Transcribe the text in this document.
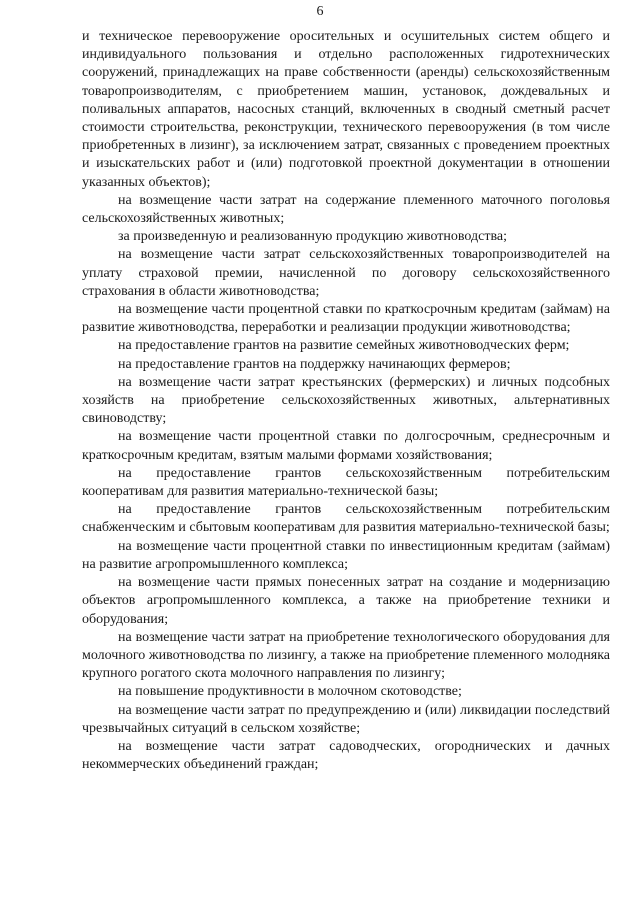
6

и техническое перевооружение оросительных и осушительных систем общего и индивидуального пользования и отдельно расположенных гидротехнических сооружений, принадлежащих на праве собственности (аренды) сельскохозяйственным товаропроизводителям, с приобретением машин, установок, дождевальных и поливальных аппаратов, насосных станций, включенных в сводный сметный расчет стоимости строительства, реконструкции, технического перевооружения (в том числе приобретенных в лизинг), за исключением затрат, связанных с проведением проектных и изыскательских работ и (или) подготовкой проектной документации в отношении указанных объектов);

на возмещение части затрат на содержание племенного маточного поголовья сельскохозяйственных животных;

за произведенную и реализованную продукцию животноводства;

на возмещение части затрат сельскохозяйственных товаропроизводителей на уплату страховой премии, начисленной по договору сельскохозяйственного страхования в области животноводства;

на возмещение части процентной ставки по краткосрочным кредитам (займам) на развитие животноводства, переработки и реализации продукции животноводства;

на предоставление грантов на развитие семейных животноводческих ферм;

на предоставление грантов на поддержку начинающих фермеров;

на возмещение части затрат крестьянских (фермерских) и личных подсобных хозяйств на приобретение сельскохозяйственных животных, альтернативных свиноводству;

на возмещение части процентной ставки по долгосрочным, среднесрочным и краткосрочным кредитам, взятым малыми формами хозяйствования;

на предоставление грантов сельскохозяйственным потребительским кооперативам для развития материально-технической базы;

на предоставление грантов сельскохозяйственным потребительским снабженческим и сбытовым кооперативам для развития материально-технической базы;

на возмещение части процентной ставки по инвестиционным кредитам (займам) на развитие агропромышленного комплекса;

на возмещение части прямых понесенных затрат на создание и модернизацию объектов агропромышленного комплекса, а также на приобретение техники и оборудования;

на возмещение части затрат на приобретение технологического оборудования для молочного животноводства по лизингу, а также на приобретение племенного молодняка крупного рогатого скота молочного направления по лизингу;

на повышение продуктивности в молочном скотоводстве;

на возмещение части затрат по предупреждению и (или) ликвидации последствий чрезвычайных ситуаций в сельском хозяйстве;

на возмещение части затрат садоводческих, огороднических и дачных некоммерческих объединений граждан;
